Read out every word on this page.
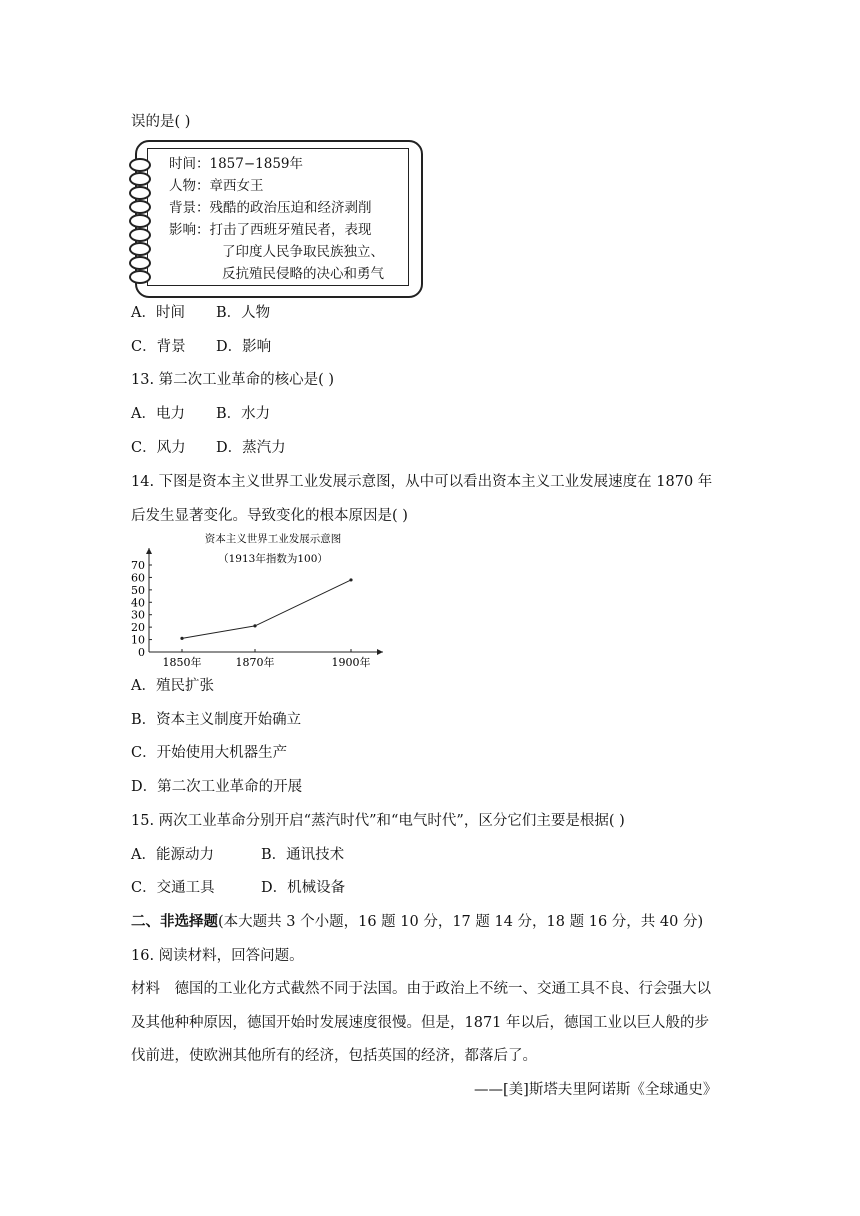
误的是( )
时间：1857−1859年
人物：章西女王
背景：残酷的政治压迫和经济剥削
影响：打击了西班牙殖民者，表现
了印度人民争取民族独立、
反抗殖民侵略的决心和勇气
A．时间 B．人物
C．背景 D．影响
13. 第二次工业革命的核心是( )
A．电力 B．水力
C．风力 D．蒸汽力
14. 下图是资本主义世界工业发展示意图，从中可以看出资本主义工业发展速度在 1870 年
后发生显著变化。导致变化的根本原因是( )
资本主义世界工业发展示意图
（1913年指数为100）
0
10
20
30
40
50
60
70
1850年	1870年	1900年
A．殖民扩张
B．资本主义制度开始确立
C．开始使用大机器生产
D．第二次工业革命的开展
15. 两次工业革命分别开启“蒸汽时代”和“电气时代”，区分它们主要是根据( )
A．能源动力	B．通讯技术
C．交通工具	D．机械设备
二、非选择题(本大题共 3 个小题，16 题 10 分，17 题 14 分，18 题 16 分，共 40 分)
16. 阅读材料，回答问题。
材料　德国的工业化方式截然不同于法国。由于政治上不统一、交通工具不良、行会强大以
及其他种种原因，德国开始时发展速度很慢。但是，1871 年以后，德国工业以巨人般的步
伐前进，使欧洲其他所有的经济，包括英国的经济，都落后了。
——[美]斯塔夫里阿诺斯《全球通史》
